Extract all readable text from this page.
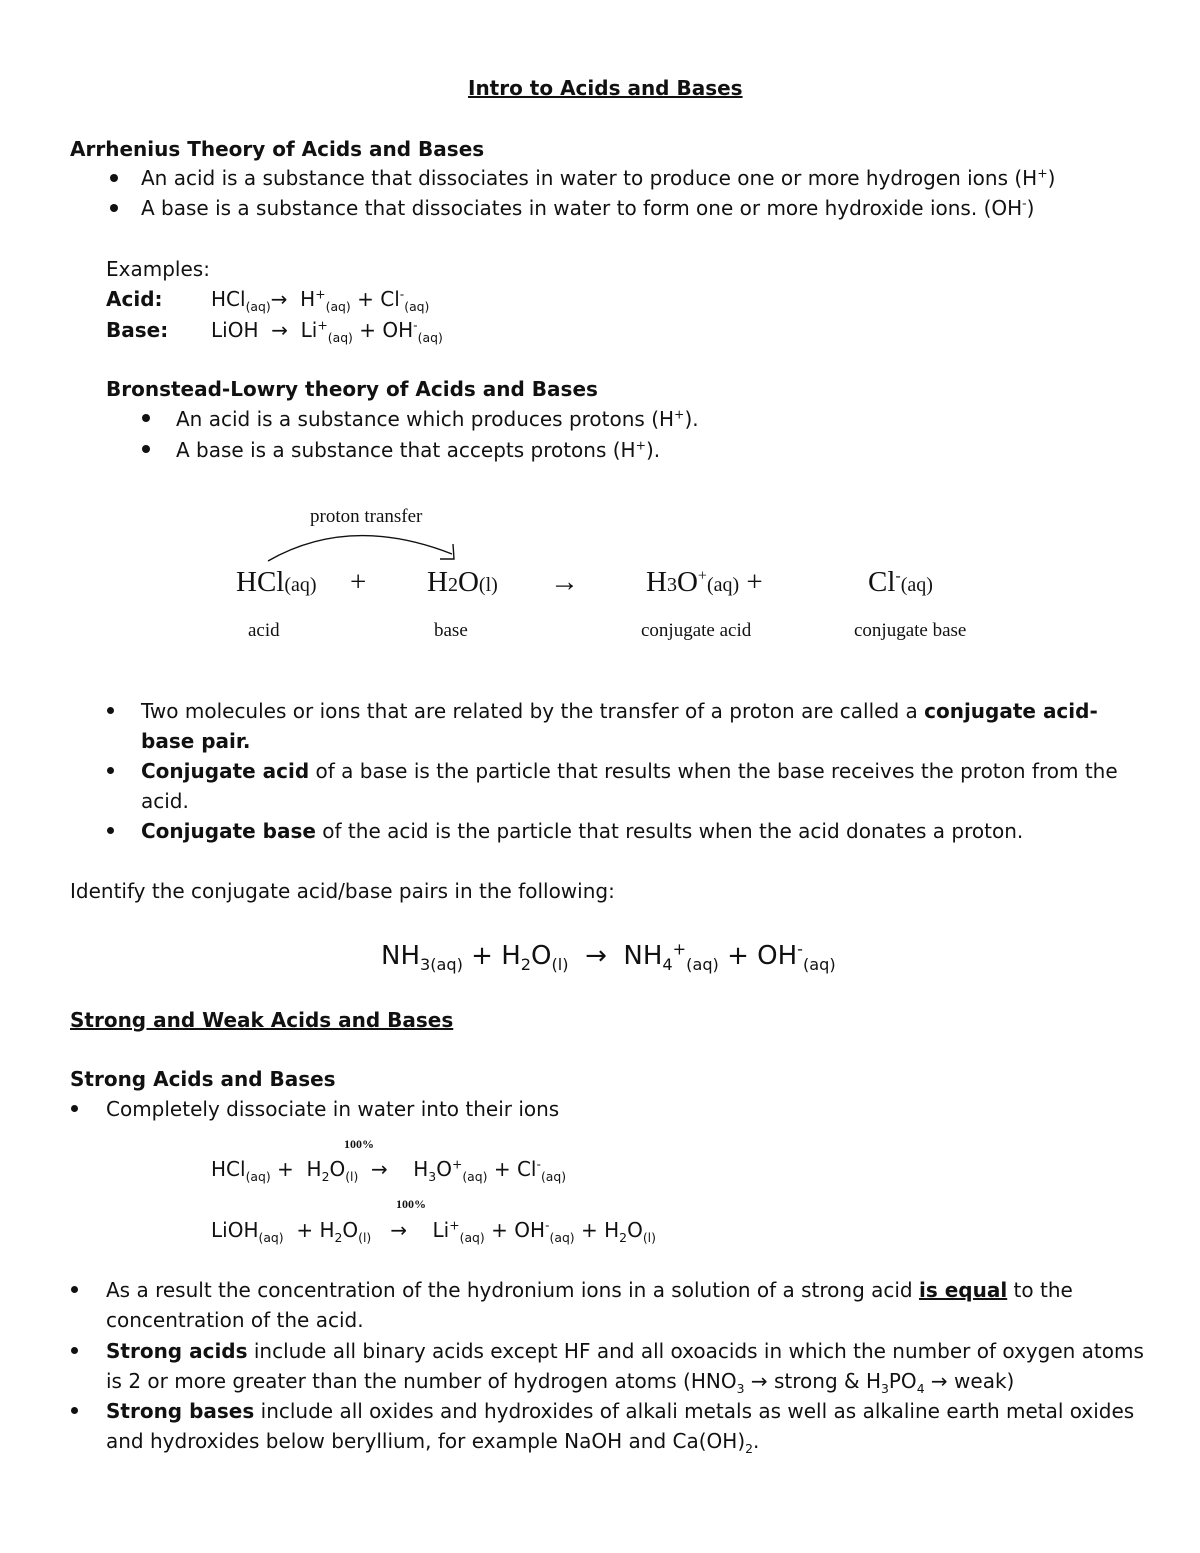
Intro to Acids and Bases
Arrhenius Theory of Acids and Bases
An acid is a substance that dissociates in water to produce one or more hydrogen ions (H+)
A base is a substance that dissociates in water to form one or more hydroxide ions. (OH-)
Examples:
Acid: $HCl_{(aq)}\to H^+_{(aq)} + Cl^-_{(aq)}$
Base: LiOH  →  $Li^+_{(aq)} + OH^-_{(aq)}$
Bronstead-Lowry theory of Acids and Bases
An acid is a substance which produces protons (H+).
A base is a substance that accepts protons (H+).
proton transfer
HCl(aq) + H2O(l) → H3O+(aq) +	Cl-(aq)
acid	base	conjugate acid	conjugate base
Two molecules or ions that are related by the transfer of a proton are called a conjugate acid-
base pair.
Conjugate acid of a base is the particle that results when the base receives the proton from the
acid.
Conjugate base of the acid is the particle that results when the acid donates a proton.
Identify the conjugate acid/base pairs in the following:
$NH_{3(aq)} + H_2O_{(l)} \to NH_4^+_{(aq)} + OH^-_{(aq)}$
Strong and Weak Acids and Bases
Strong Acids and Bases
Completely dissociate in water into their ions
100%
$HCl_{(aq)} + H_2O_{(l)}$  →    $H_3O^+_{(aq)} + Cl^-_{(aq)}$
100%
LiOH$_{(aq)}$  + $H_2O_{(l)}$   →    $Li^+_{(aq)} + OH^-_{(aq)} + H_2O_{(l)}$
As a result the concentration of the hydronium ions in a solution of a strong acid is equal to the
concentration of the acid.
Strong acids include all binary acids except HF and all oxoacids in which the number of oxygen atoms
is 2 or more greater than the number of hydrogen atoms ($HNO_3$ → strong & $H_3PO_4$ → weak)
Strong bases include all oxides and hydroxides of alkali metals as well as alkaline earth metal oxides
and hydroxides below beryllium, for example NaOH and $Ca(OH)_2$.
